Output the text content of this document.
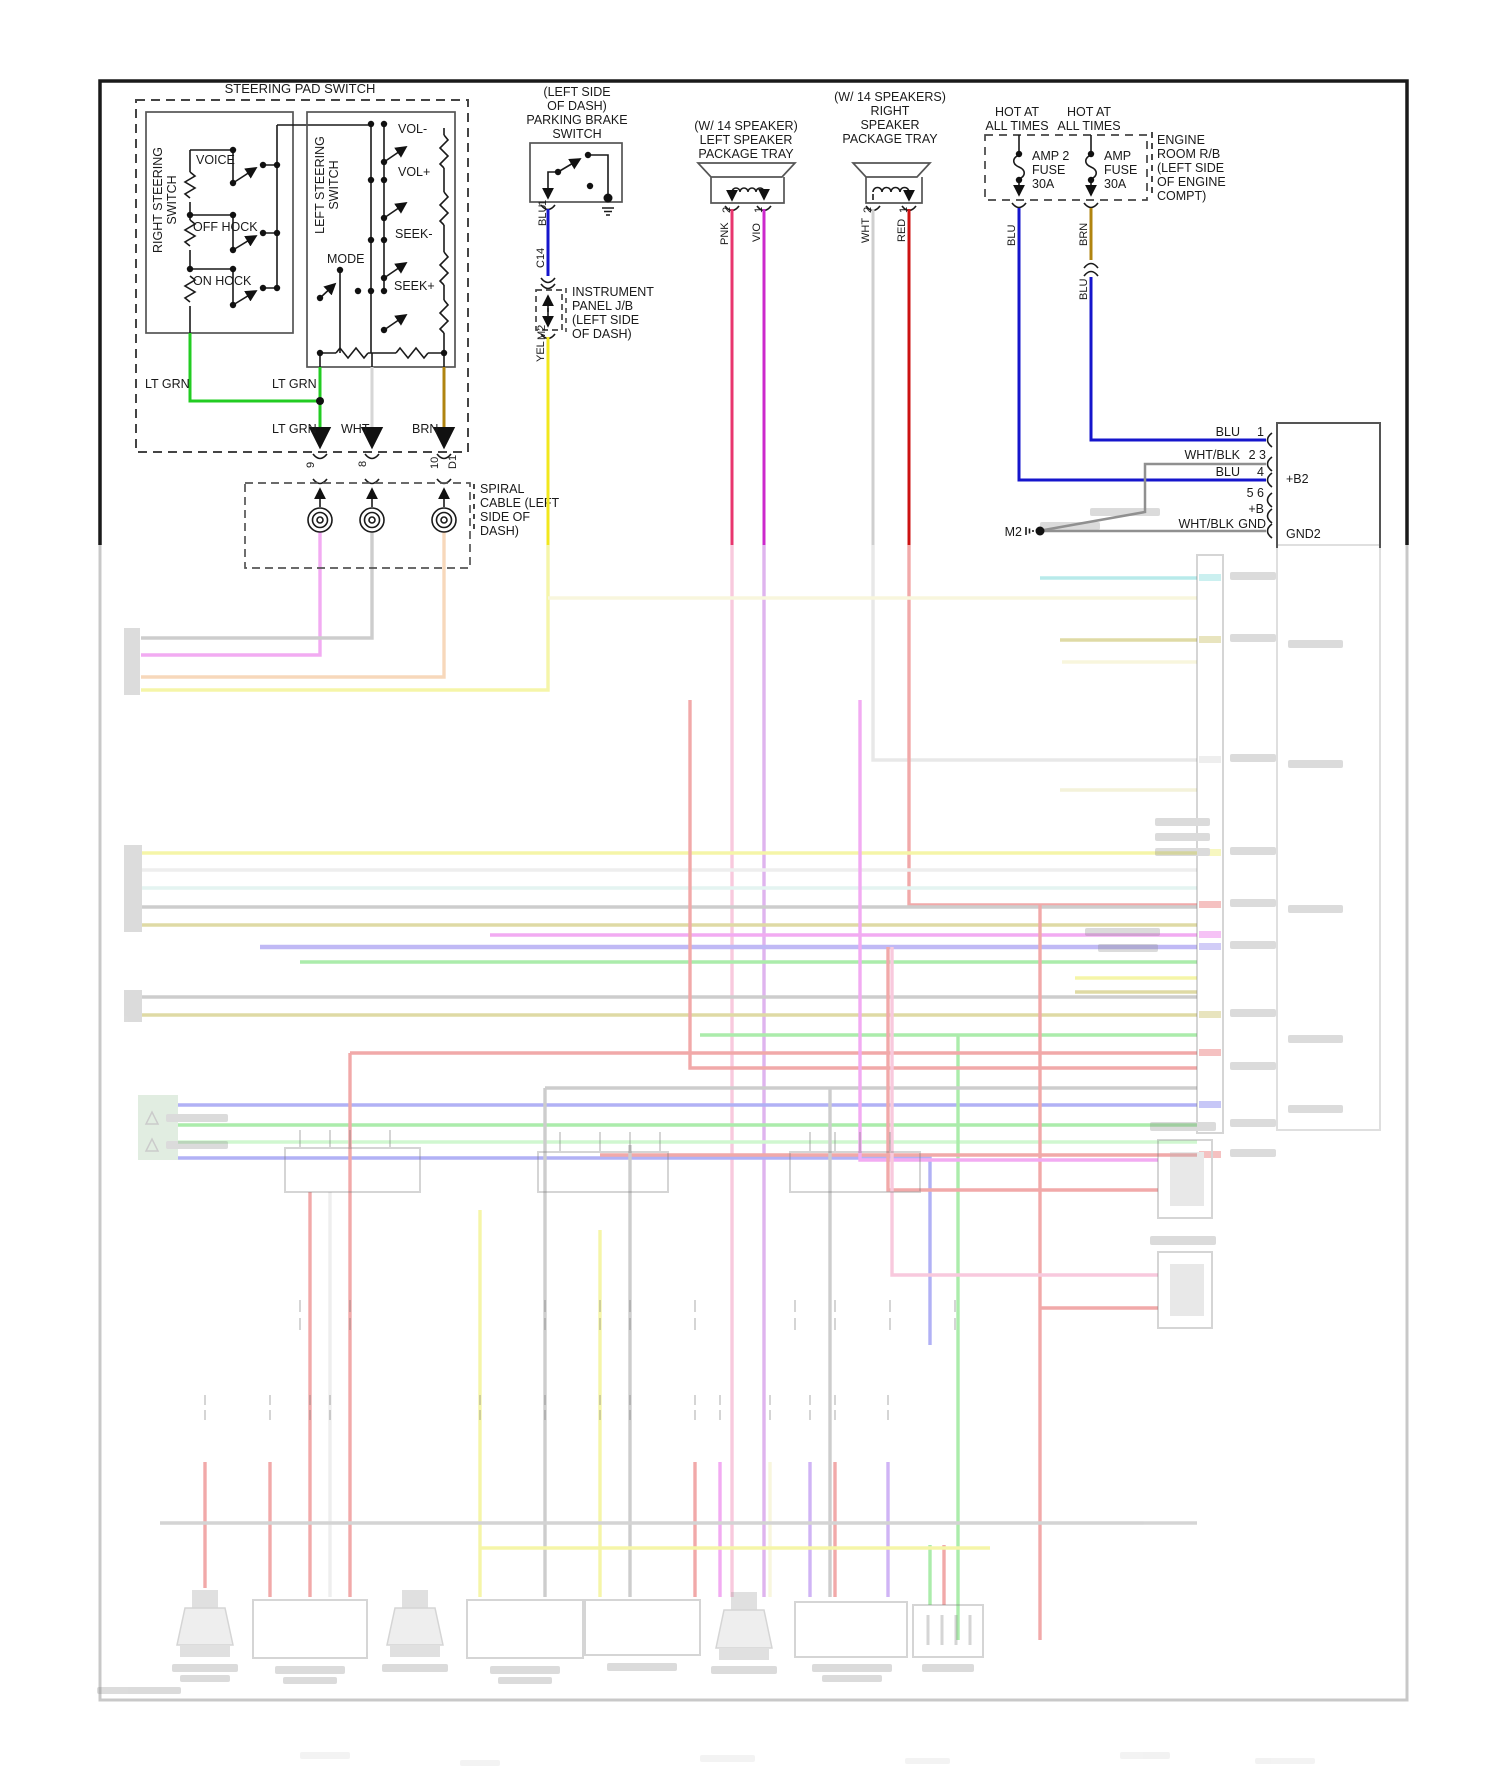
STEERING PAD SWITCH
RIGHT STEERING SWITCH
VOICE
OFF HOCK
ON HOCK
LEFT STEERING SWITCH
VOL-
VOL+
SEEK-
SEEK+
MODE
LT GRN	LT GRN
LT GRN WHT	BRN
9	8	10 D1
SPIRAL
CABLE (LEFT
SIDE OF
DASH)
(LEFT SIDE
OF DASH)
PARKING BRAKE
SWITCH
1
BLU
C14
INSTRUMENT
PANEL J/B
(LEFT SIDE
OF DASH)
M2
YEL
(W/ 14 SPEAKER)
LEFT SPEAKER
PACKAGE TRAY
2 1
PNK VIO
(W/ 14 SPEAKERS)
RIGHT
SPEAKER
PACKAGE TRAY
2 1
WHT RED
HOT AT
ALL TIMES
HOT AT
ALL TIMES
AMP 2
FUSE
30A
AMP
FUSE
30A
ENGINE
ROOM R/B
(LEFT SIDE
OF ENGINE
COMPT)
BLU	BRN
BLU
M2
BLU 1
WHT/BLK 2 3
BLU 4
5 6
+B
WHT/BLK GND
+B2
GND2
